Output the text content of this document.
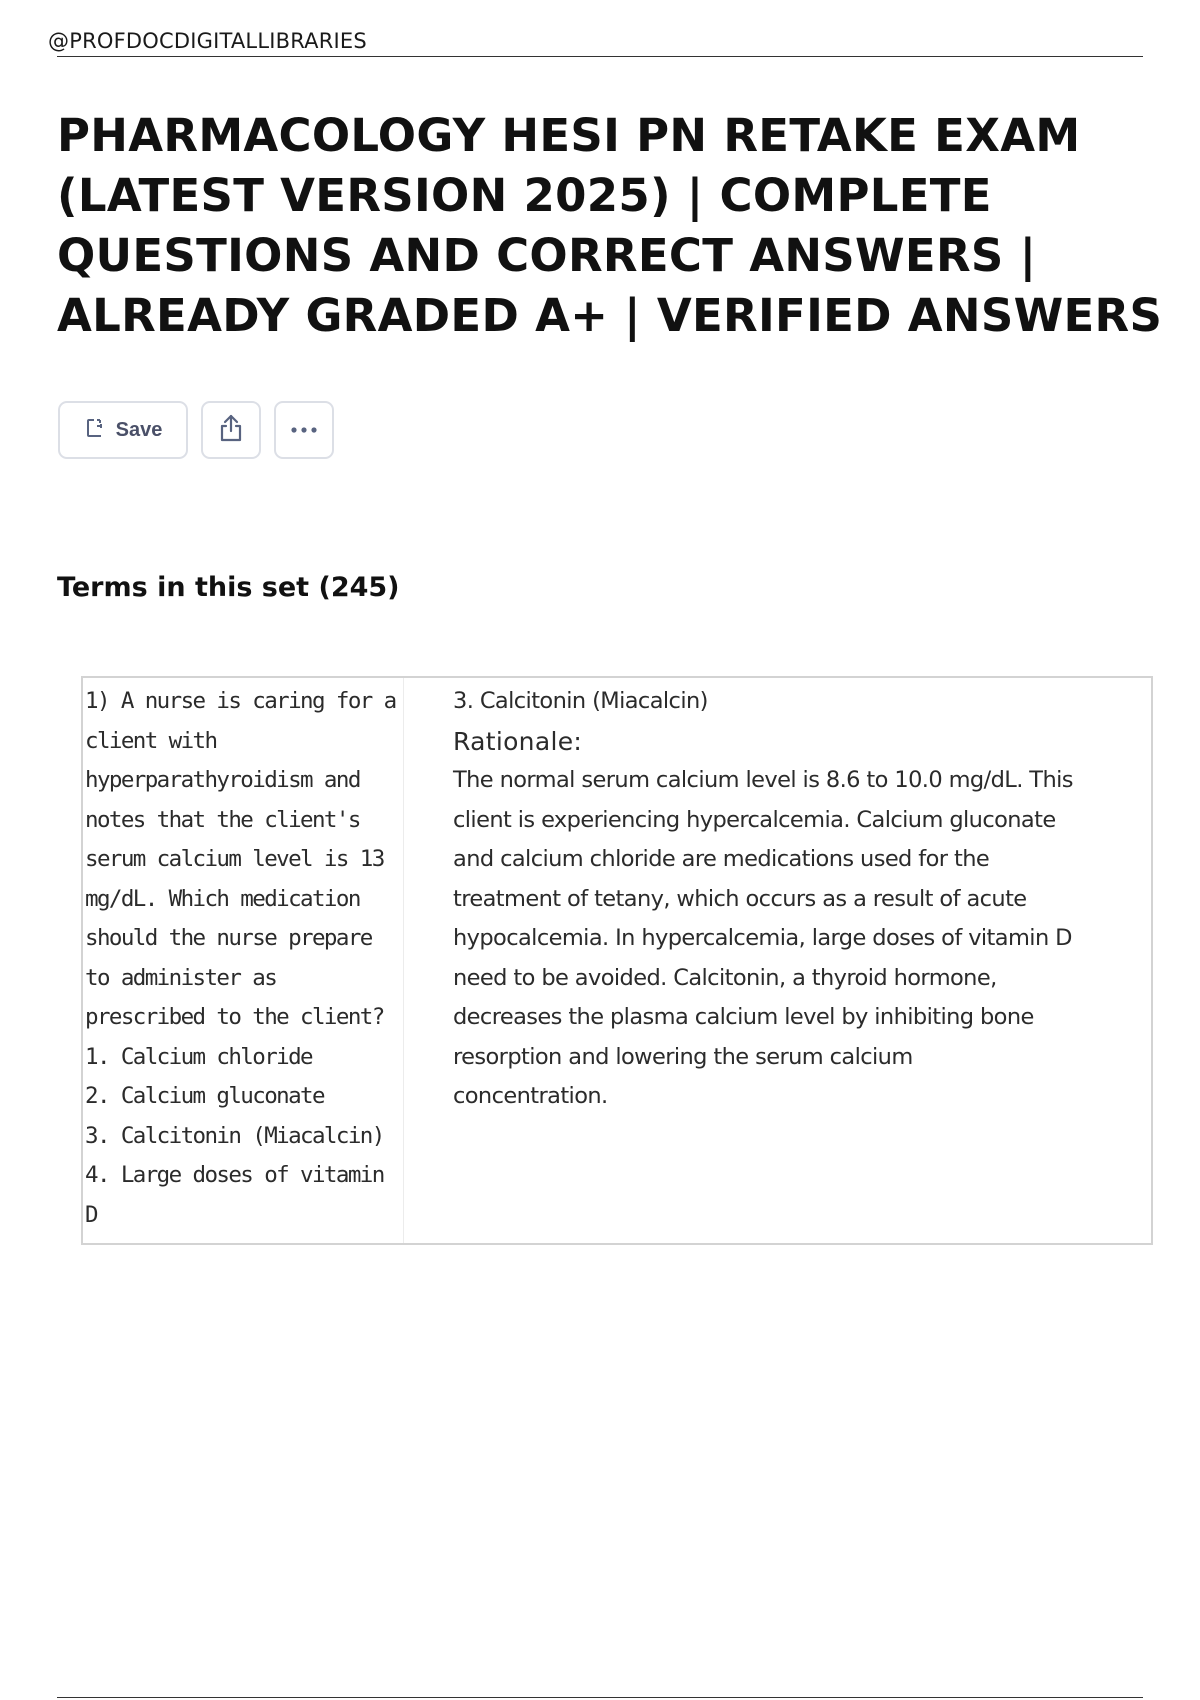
@PROFDOCDIGITALLIBRARIES
PHARMACOLOGY HESI PN RETAKE EXAM
(LATEST VERSION 2025) | COMPLETE
QUESTIONS AND CORRECT ANSWERS |
ALREADY GRADED A+ | VERIFIED ANSWERS
Save
Terms in this set (245)
1) A nurse is caring for a client with hyperparathyroidism and notes that the client's serum calcium level is 13 mg/dL. Which medication should the nurse prepare to administer as prescribed to the client?
1. Calcium chloride
2. Calcium gluconate
3. Calcitonin (Miacalcin)
4. Large doses of vitamin D
3. Calcitonin (Miacalcin)
Rationale:
The normal serum calcium level is 8.6 to 10.0 mg/dL. This client is experiencing hypercalcemia. Calcium gluconate and calcium chloride are medications used for the treatment of tetany, which occurs as a result of acute hypocalcemia. In hypercalcemia, large doses of vitamin D need to be avoided. Calcitonin, a thyroid hormone, decreases the plasma calcium level by inhibiting bone resorption and lowering the serum calcium concentration.
